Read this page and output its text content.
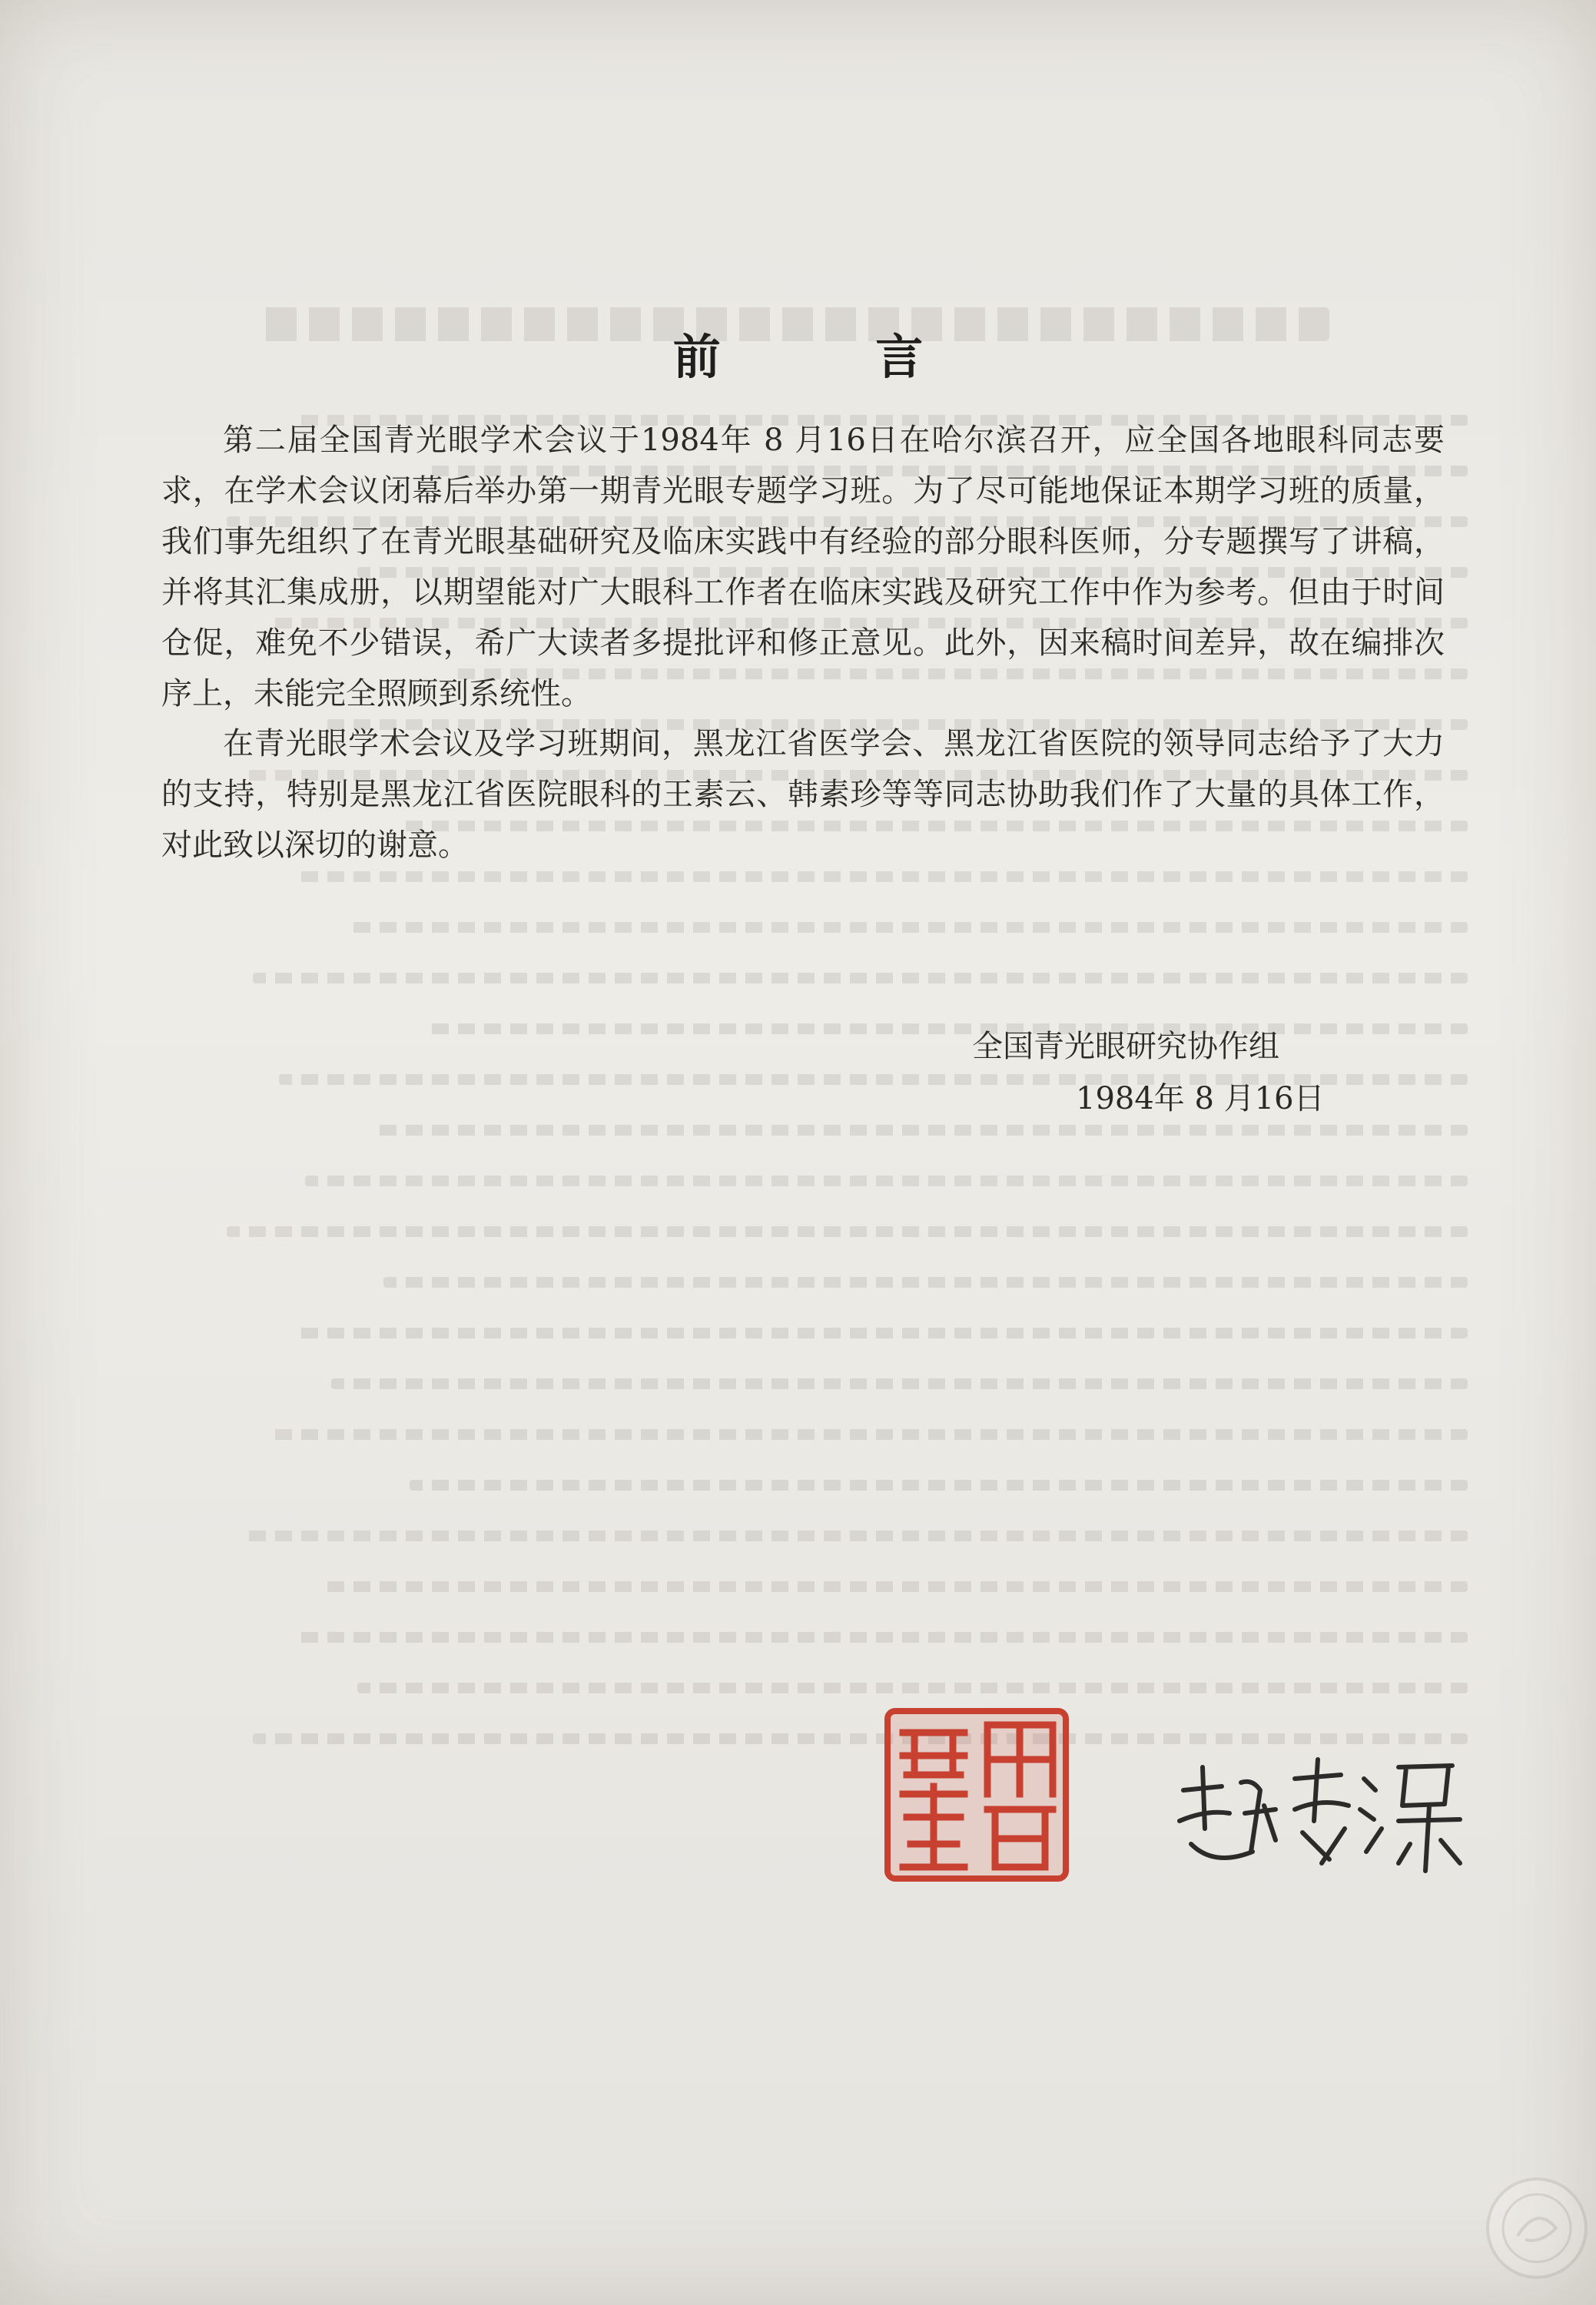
前 言

第二届全国青光眼学术会议于1984年 8 月16日在哈尔滨召开，应全国各地眼科同志要求，在学术会议闭幕后举办第一期青光眼专题学习班。为了尽可能地保证本期学习班的质量，我们事先组织了在青光眼基础研究及临床实践中有经验的部分眼科医师，分专题撰写了讲稿，并将其汇集成册，以期望能对广大眼科工作者在临床实践及研究工作中作为参考。但由于时间仓促，难免不少错误，希广大读者多提批评和修正意见。此外，因来稿时间差异，故在编排次序上，未能完全照顾到系统性。

在青光眼学术会议及学习班期间，黑龙江省医学会、黑龙江省医院的领导同志给予了大力的支持，特别是黑龙江省医院眼科的王素云、韩素珍等等同志协助我们作了大量的具体工作，对此致以深切的谢意。

全国青光眼研究协作组
1984年 8 月16日
